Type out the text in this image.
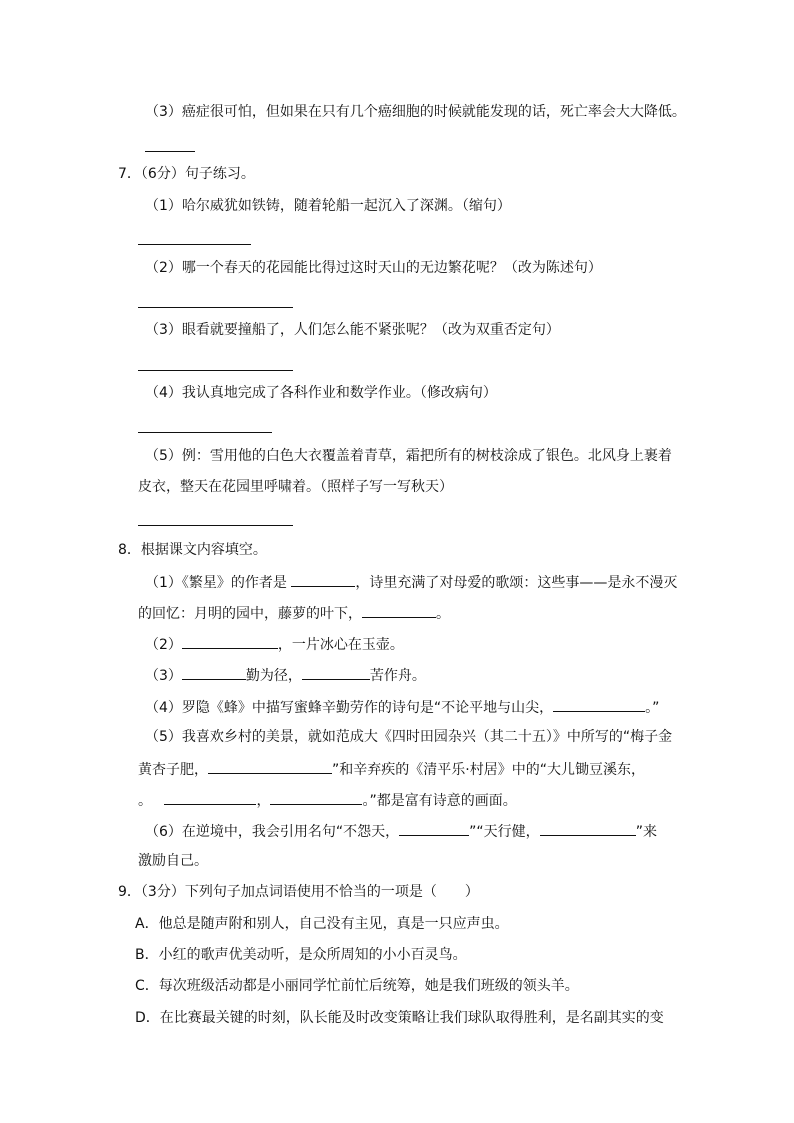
（3）癌症很可怕，但如果在只有几个癌细胞的时候就能发现的话，死亡率会大大降低。
7．（6分）句子练习。
（1）哈尔威犹如铁铸，随着轮船一起沉入了深渊。（缩句）
（2）哪一个春天的花园能比得过这时天山的无边繁花呢？（改为陈述句）
（3）眼看就要撞船了，人们怎么能不紧张呢？（改为双重否定句）
（4）我认真地完成了各科作业和数学作业。（修改病句）
（5）例：雪用他的白色大衣覆盖着青草，霜把所有的树枝涂成了银色。北风身上裹着
皮衣，整天在花园里呼啸着。（照样子写一写秋天）
8．根据课文内容填空。
（1）《繁星》的作者是	，诗里充满了对母爱的歌颂：这些事——是永不漫灭
的回忆：月明的园中，藤萝的叶下，	。
（2）	，一片冰心在玉壶。
（3）	勤为径，	苦作舟。
（4）罗隐《蜂》中描写蜜蜂辛勤劳作的诗句是“不论平地与山尖，	。”
（5）我喜欢乡村的美景，就如范成大《四时田园杂兴（其二十五）》中所写的“梅子金
黄杏子肥，	”和辛弃疾的《清平乐·村居》中的“大儿锄豆溪东，
。	，	。”都是富有诗意的画面。
（6）在逆境中，我会引用名句“不怨天，	”“天行健，	”来
激励自己。
9．（3分）下列句子加点词语使用不恰当的一项是（　　）
A．他总是随声附和别人，自己没有主见，真是一只应声虫。
B．小红的歌声优美动听，是众所周知的小小百灵鸟。
C．每次班级活动都是小丽同学忙前忙后统筹，她是我们班级的领头羊。
D．在比赛最关键的时刻，队长能及时改变策略让我们球队取得胜利，是名副其实的变
